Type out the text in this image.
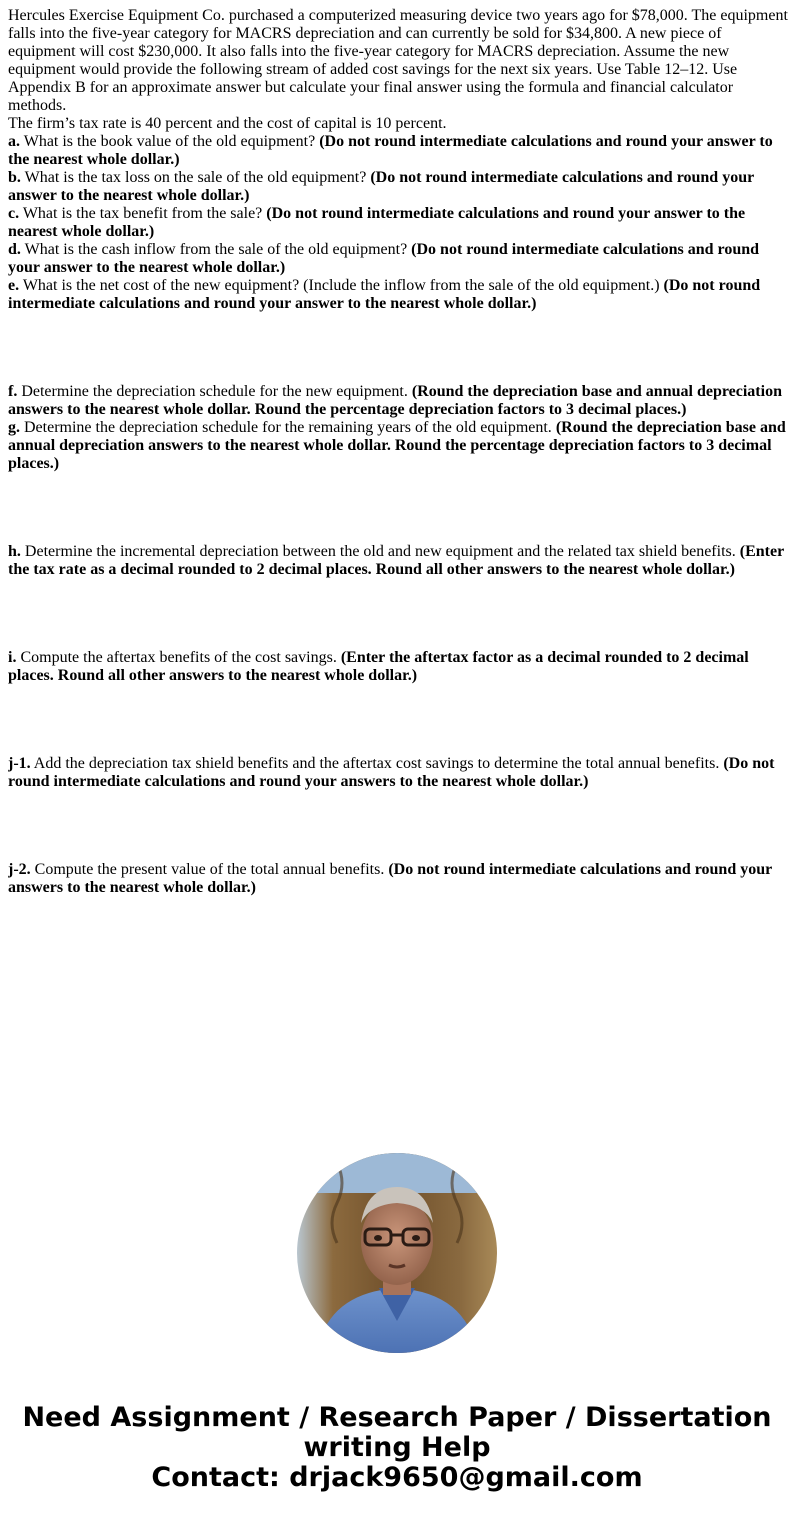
Hercules Exercise Equipment Co. purchased a computerized measuring device two years ago for $78,000. The equipment falls into the five-year category for MACRS depreciation and can currently be sold for $34,800. A new piece of equipment will cost $230,000. It also falls into the five-year category for MACRS depreciation. Assume the new equipment would provide the following stream of added cost savings for the next six years. Use Table 12–12. Use Appendix B for an approximate answer but calculate your final answer using the formula and financial calculator methods.

The firm’s tax rate is 40 percent and the cost of capital is 10 percent.

a. What is the book value of the old equipment? (Do not round intermediate calculations and round your answer to the nearest whole dollar.)

b. What is the tax loss on the sale of the old equipment? (Do not round intermediate calculations and round your answer to the nearest whole dollar.)

c. What is the tax benefit from the sale? (Do not round intermediate calculations and round your answer to the nearest whole dollar.)

d. What is the cash inflow from the sale of the old equipment? (Do not round intermediate calculations and round your answer to the nearest whole dollar.)

e. What is the net cost of the new equipment? (Include the inflow from the sale of the old equipment.) (Do not round intermediate calculations and round your answer to the nearest whole dollar.)

f. Determine the depreciation schedule for the new equipment. (Round the depreciation base and annual depreciation answers to the nearest whole dollar. Round the percentage depreciation factors to 3 decimal places.)

g. Determine the depreciation schedule for the remaining years of the old equipment. (Round the depreciation base and annual depreciation answers to the nearest whole dollar. Round the percentage depreciation factors to 3 decimal places.)

h. Determine the incremental depreciation between the old and new equipment and the related tax shield benefits. (Enter the tax rate as a decimal rounded to 2 decimal places. Round all other answers to the nearest whole dollar.)

i. Compute the aftertax benefits of the cost savings. (Enter the aftertax factor as a decimal rounded to 2 decimal places. Round all other answers to the nearest whole dollar.)

j-1. Add the depreciation tax shield benefits and the aftertax cost savings to determine the total annual benefits. (Do not round intermediate calculations and round your answers to the nearest whole dollar.)

j-2. Compute the present value of the total annual benefits. (Do not round intermediate calculations and round your answers to the nearest whole dollar.)

Need Assignment / Research Paper / Dissertation
writing Help
Contact: drjack9650@gmail.com
